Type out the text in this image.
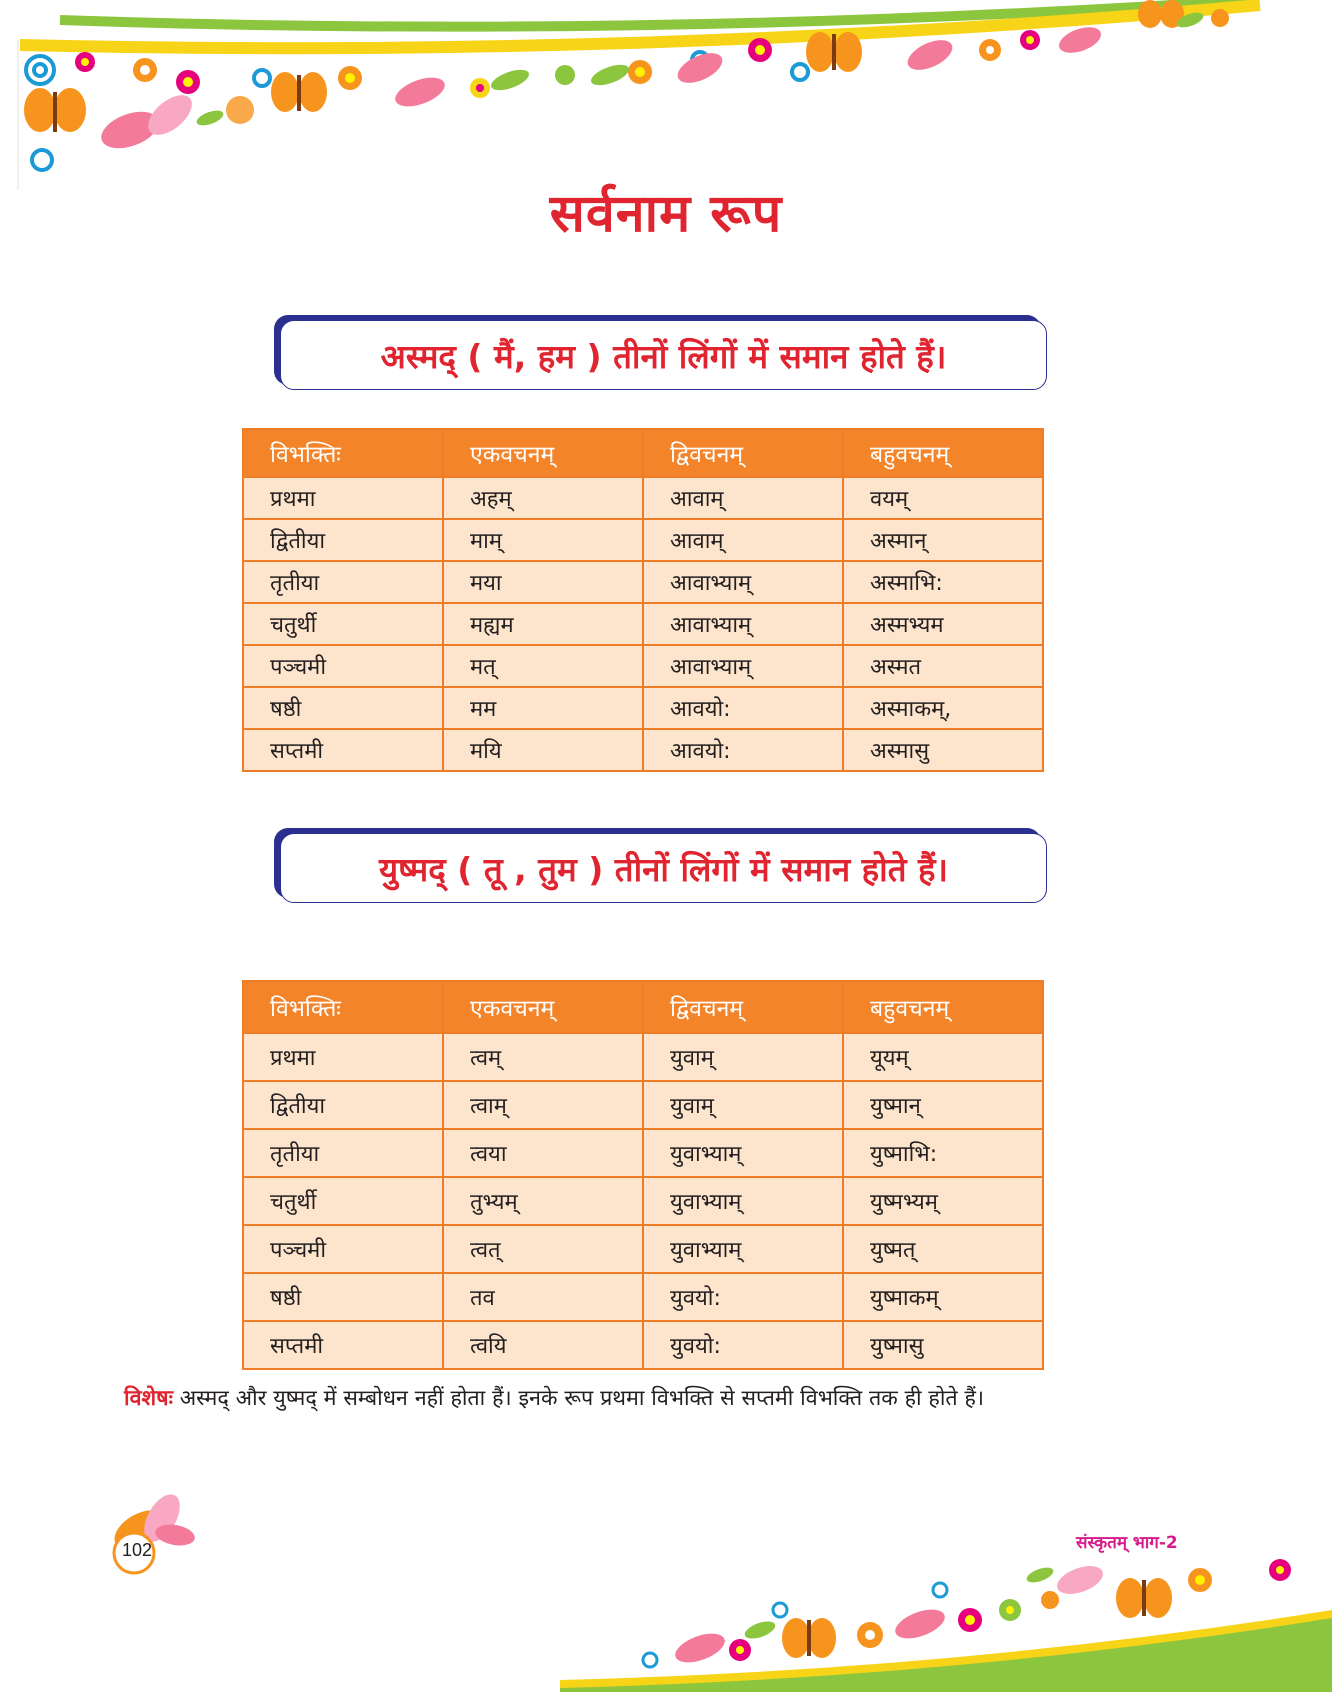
सर्वनाम रूप
अस्मद् ( मैं, हम ) तीनों लिंगों में समान होते हैं।
विभक्तिः	एकवचनम्	द्विवचनम्	बहुवचनम्
प्रथमा	अहम्	आवाम्	वयम्
द्वितीया	माम्	आवाम्	अस्मान्
तृतीया	मया	आवाभ्याम्	अस्माभि:
चतुर्थी	मह्यम	आवाभ्याम्	अस्मभ्यम
पञ्चमी	मत्	आवाभ्याम्	अस्मत
षष्ठी	मम	आवयो:	अस्माकम्,
सप्तमी	मयि	आवयो:	अस्मासु
युष्मद् ( तू , तुम ) तीनों लिंगों में समान होते हैं।
विभक्तिः	एकवचनम्	द्विवचनम्	बहुवचनम्
प्रथमा	त्वम्	युवाम्	यूयम्
द्वितीया	त्वाम्	युवाम्	युष्मान्
तृतीया	त्वया	युवाभ्याम्	युष्माभि:
चतुर्थी	तुभ्यम्	युवाभ्याम्	युष्मभ्यम्
पञ्चमी	त्वत्	युवाभ्याम्	युष्मत्
षष्ठी	तव	युवयो:	युष्माकम्
सप्तमी	त्वयि	युवयो:	युष्मासु
विशेषः अस्मद् और युष्मद् में सम्बोधन नहीं होता हैं। इनके रूप प्रथमा विभक्ति से सप्तमी विभक्ति तक ही होते हैं।
102	संस्कृतम् भाग-2
